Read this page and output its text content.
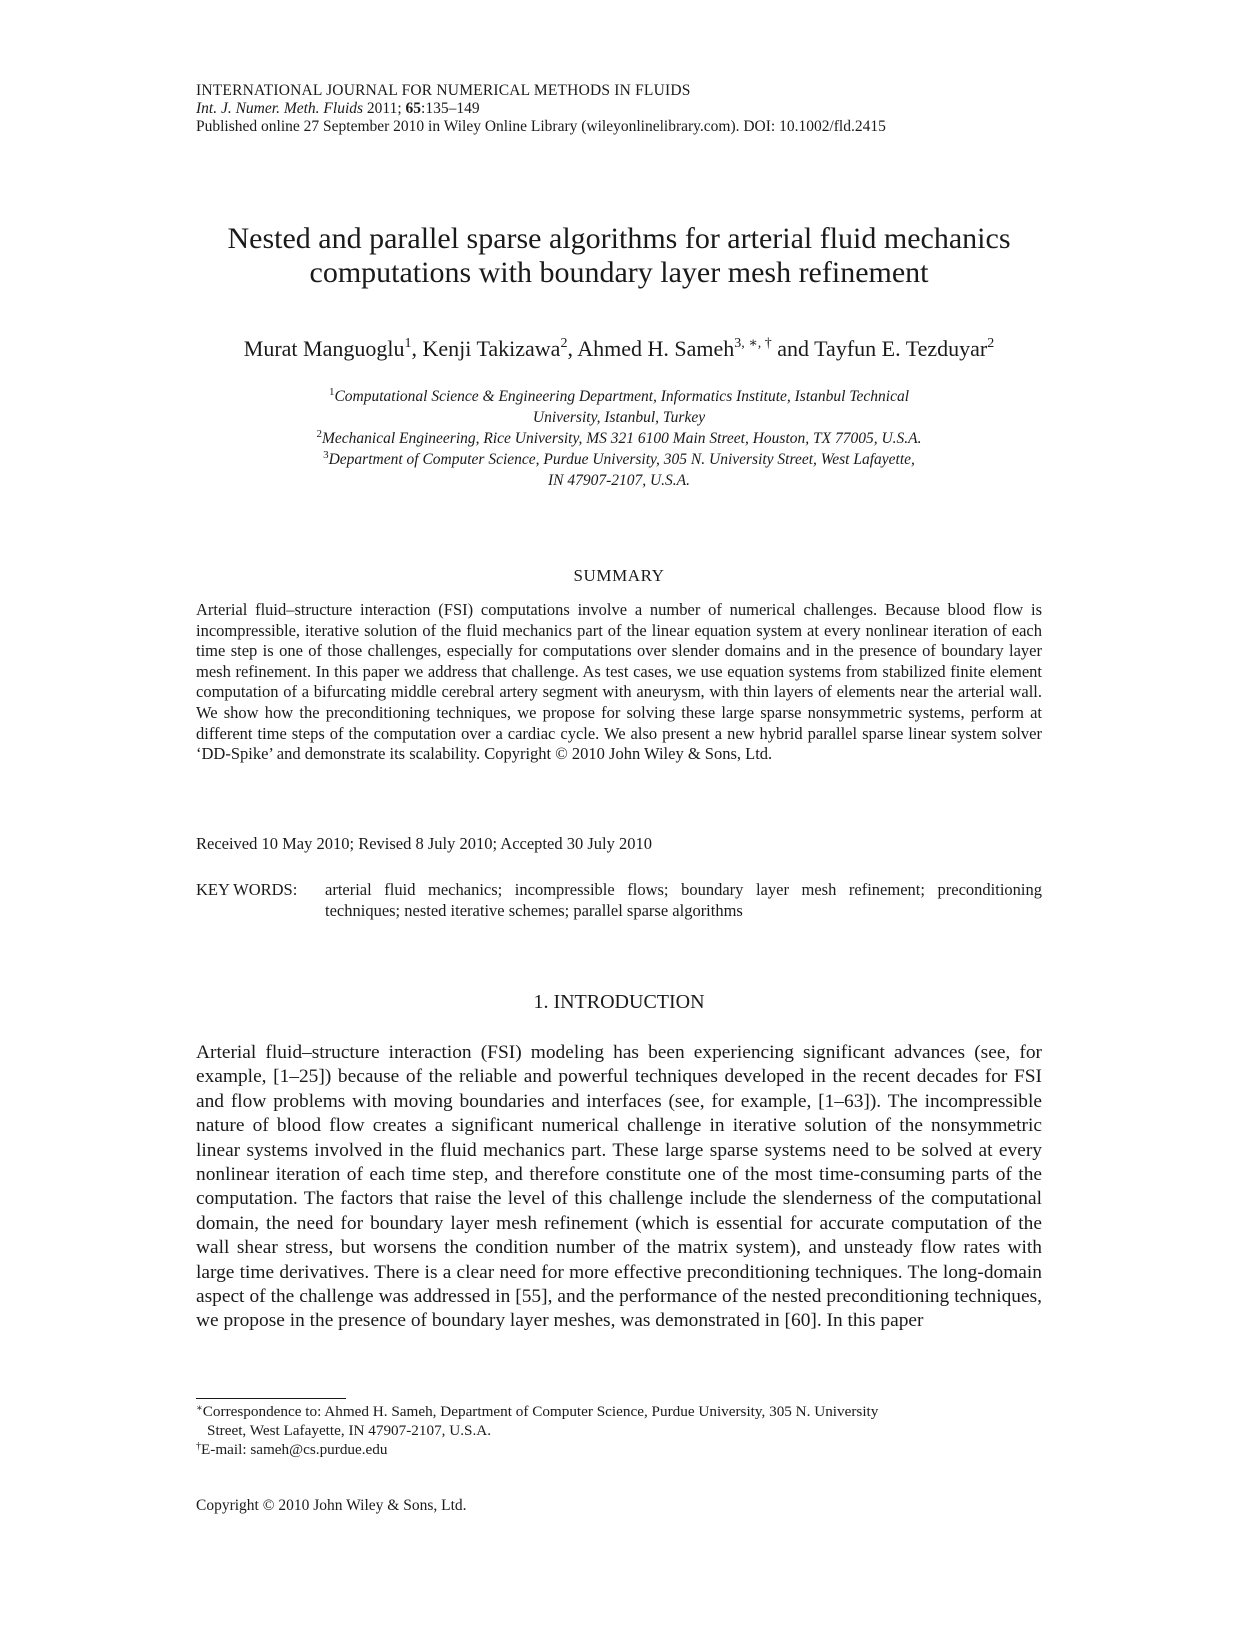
INTERNATIONAL JOURNAL FOR NUMERICAL METHODS IN FLUIDS
Int. J. Numer. Meth. Fluids 2011; 65:135–149
Published online 27 September 2010 in Wiley Online Library (wileyonlinelibrary.com). DOI: 10.1002/fld.2415
Nested and parallel sparse algorithms for arterial fluid mechanics
computations with boundary layer mesh refinement
Murat Manguoglu$^1$, Kenji Takizawa$^2$, Ahmed H. Sameh$^{3, ∗, \dagger}$ and Tayfun E. Tezduyar$^2$
$^1$Computational Science & Engineering Department, Informatics Institute, Istanbul Technical
University, Istanbul, Turkey
$^2$Mechanical Engineering, Rice University, MS 321 6100 Main Street, Houston, TX 77005, U.S.A.
$^3$Department of Computer Science, Purdue University, 305 N. University Street, West Lafayette,
IN 47907-2107, U.S.A.
SUMMARY
Arterial fluid–structure interaction (FSI) computations involve a number of numerical challenges. Because blood flow is incompressible, iterative solution of the fluid mechanics part of the linear equation system at every nonlinear iteration of each time step is one of those challenges, especially for computations over slender domains and in the presence of boundary layer mesh refinement. In this paper we address that challenge. As test cases, we use equation systems from stabilized finite element computation of a bifurcating middle cerebral artery segment with aneurysm, with thin layers of elements near the arterial wall. We show how the preconditioning techniques, we propose for solving these large sparse nonsymmetric systems, perform at different time steps of the computation over a cardiac cycle. We also present a new hybrid parallel sparse linear system solver ‘DD-Spike’ and demonstrate its scalability. Copyright © 2010 John Wiley & Sons, Ltd.
Received 10 May 2010; Revised 8 July 2010; Accepted 30 July 2010
KEY WORDS: arterial fluid mechanics; incompressible flows; boundary layer mesh refinement; preconditioning techniques; nested iterative schemes; parallel sparse algorithms
1. INTRODUCTION
Arterial fluid–structure interaction (FSI) modeling has been experiencing significant advances (see, for example, [1–25]) because of the reliable and powerful techniques developed in the recent decades for FSI and flow problems with moving boundaries and interfaces (see, for example, [1–63]). The incompressible nature of blood flow creates a significant numerical challenge in iterative solution of the nonsymmetric linear systems involved in the fluid mechanics part. These large sparse systems need to be solved at every nonlinear iteration of each time step, and therefore constitute one of the most time-consuming parts of the computation. The factors that raise the level of this challenge include the slenderness of the computational domain, the need for boundary layer mesh refinement (which is essential for accurate computation of the wall shear stress, but worsens the condition number of the matrix system), and unsteady flow rates with large time derivatives. There is a clear need for more effective preconditioning techniques. The long-domain aspect of the challenge was addressed in [55], and the performance of the nested preconditioning techniques, we propose in the presence of boundary layer meshes, was demonstrated in [60]. In this paper
∗Correspondence to: Ahmed H. Sameh, Department of Computer Science, Purdue University, 305 N. University
Street, West Lafayette, IN 47907-2107, U.S.A.
†E-mail: sameh@cs.purdue.edu
Copyright © 2010 John Wiley & Sons, Ltd.
